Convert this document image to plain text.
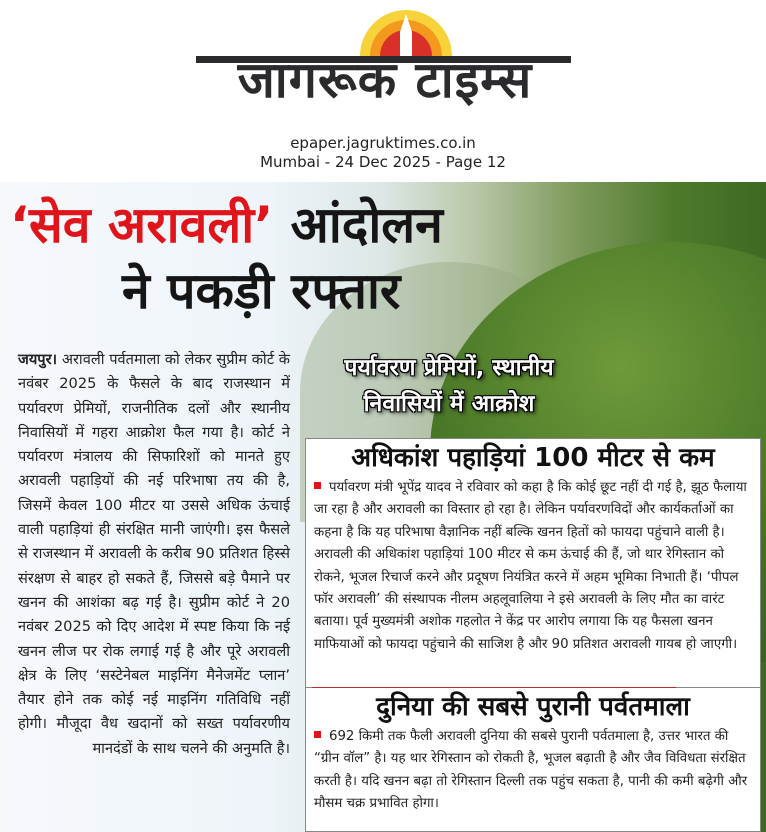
जागरूक टाइम्स
epaper.jagruktimes.co.in
Mumbai - 24 Dec 2025 - Page 12
‘सेव अरावली’ आंदोलन
ने पकड़ी रफ्तार
पर्यावरण प्रेमियों, स्थानीय
निवासियों में आक्रोश
जयपुर। अरावली पर्वतमाला को लेकर सुप्रीम कोर्ट के नवंबर 2025 के फैसले के बाद राजस्थान में पर्यावरण प्रेमियों, राजनीतिक दलों और स्थानीय निवासियों में गहरा आक्रोश फैल गया है। कोर्ट ने पर्यावरण मंत्रालय की सिफारिशों को मानते हुए अरावली पहाड़ियों की नई परिभाषा तय की है, जिसमें केवल 100 मीटर या उससे अधिक ऊंचाई वाली पहाड़ियां ही संरक्षित मानी जाएंगी। इस फैसले से राजस्थान में अरावली के करीब 90 प्रतिशत हिस्से संरक्षण से बाहर हो सकते हैं, जिससे बड़े पैमाने पर खनन की आशंका बढ़ गई है। सुप्रीम कोर्ट ने 20 नवंबर 2025 को दिए आदेश में स्पष्ट किया कि नई खनन लीज पर रोक लगाई गई है और पूरे अरावली क्षेत्र के लिए ‘सस्टेनेबल माइनिंग मैनेजमेंट प्लान’ तैयार होने तक कोई नई माइनिंग गतिविधि नहीं होगी। मौजूदा वैध खदानों को सख्त पर्यावरणीय मानदंडों के साथ चलने की अनुमति है।
अधिकांश पहाड़ियां 100 मीटर से कम

पर्यावरण मंत्री भूपेंद्र यादव ने रविवार को कहा है कि कोई छूट नहीं दी गई है, झूठ फैलाया जा रहा है और अरावली का विस्तार हो रहा है। लेकिन पर्यावरणविदों और कार्यकर्ताओं का कहना है कि यह परिभाषा वैज्ञानिक नहीं बल्कि खनन हितों को फायदा पहुंचाने वाली है। अरावली की अधिकांश पहाड़ियां 100 मीटर से कम ऊंचाई की हैं, जो थार रेगिस्तान को रोकने, भूजल रिचार्ज करने और प्रदूषण नियंत्रित करने में अहम भूमिका निभाती हैं। ‘पीपल फॉर अरावली’ की संस्थापक नीलम अहलूवालिया ने इसे अरावली के लिए मौत का वारंट बताया। पूर्व मुख्यमंत्री अशोक गहलोत ने केंद्र पर आरोप लगाया कि यह फैसला खनन माफियाओं को फायदा पहुंचाने की साजिश है और 90 प्रतिशत अरावली गायब हो जाएगी।

दुनिया की सबसे पुरानी पर्वतमाला

692 किमी तक फैली अरावली दुनिया की सबसे पुरानी पर्वतमाला है, उत्तर भारत की “ग्रीन वॉल” है। यह थार रेगिस्तान को रोकती है, भूजल बढ़ाती है और जैव विविधता संरक्षित करती है। यदि खनन बढ़ा तो रेगिस्तान दिल्ली तक पहुंच सकता है, पानी की कमी बढ़ेगी और मौसम चक्र प्रभावित होगा।
